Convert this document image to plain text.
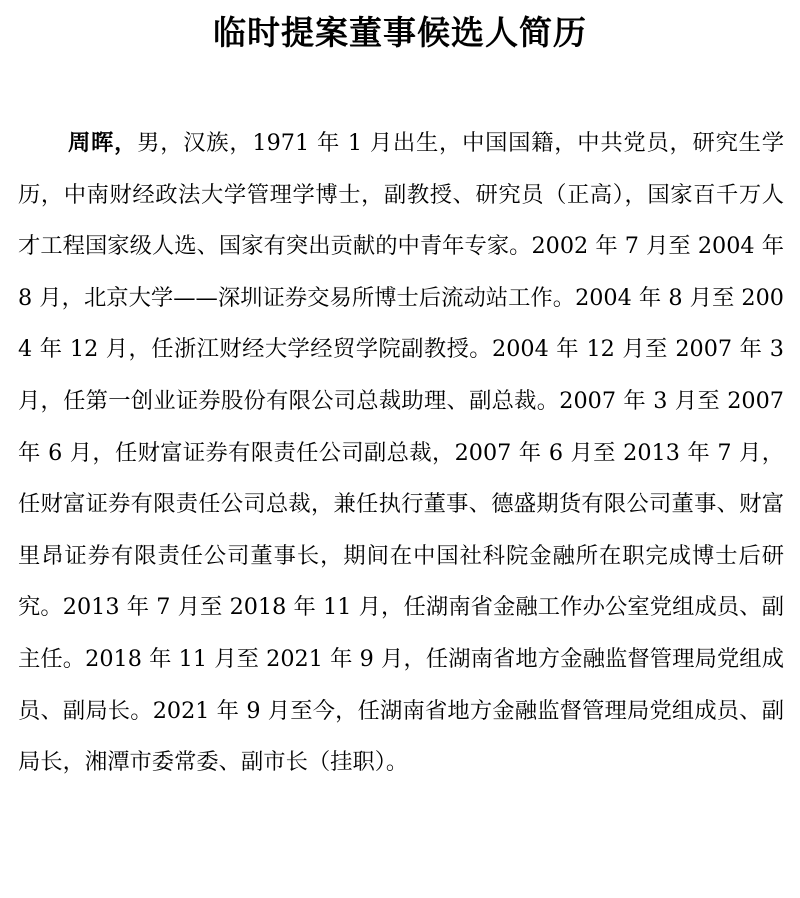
临时提案董事候选人简历

周晖，男，汉族，1971 年 1 月出生，中国国籍，中共党员，研究生学历，中南财经政法大学管理学博士，副教授、研究员（正高），国家百千万人才工程国家级人选、国家有突出贡献的中青年专家。2002 年 7 月至 2004 年 8 月，北京大学——深圳证券交易所博士后流动站工作。2004 年 8 月至 2004 年 12 月，任浙江财经大学经贸学院副教授。2004 年 12 月至 2007 年 3 月，任第一创业证券股份有限公司总裁助理、副总裁。2007 年 3 月至 2007 年 6 月，任财富证券有限责任公司副总裁，2007 年 6 月至 2013 年 7 月，任财富证券有限责任公司总裁，兼任执行董事、德盛期货有限公司董事、财富里昂证券有限责任公司董事长，期间在中国社科院金融所在职完成博士后研究。2013 年 7 月至 2018 年 11 月，任湖南省金融工作办公室党组成员、副主任。2018 年 11 月至 2021 年 9 月，任湖南省地方金融监督管理局党组成员、副局长。2021 年 9 月至今，任湖南省地方金融监督管理局党组成员、副局长，湘潭市委常委、副市长（挂职）。
